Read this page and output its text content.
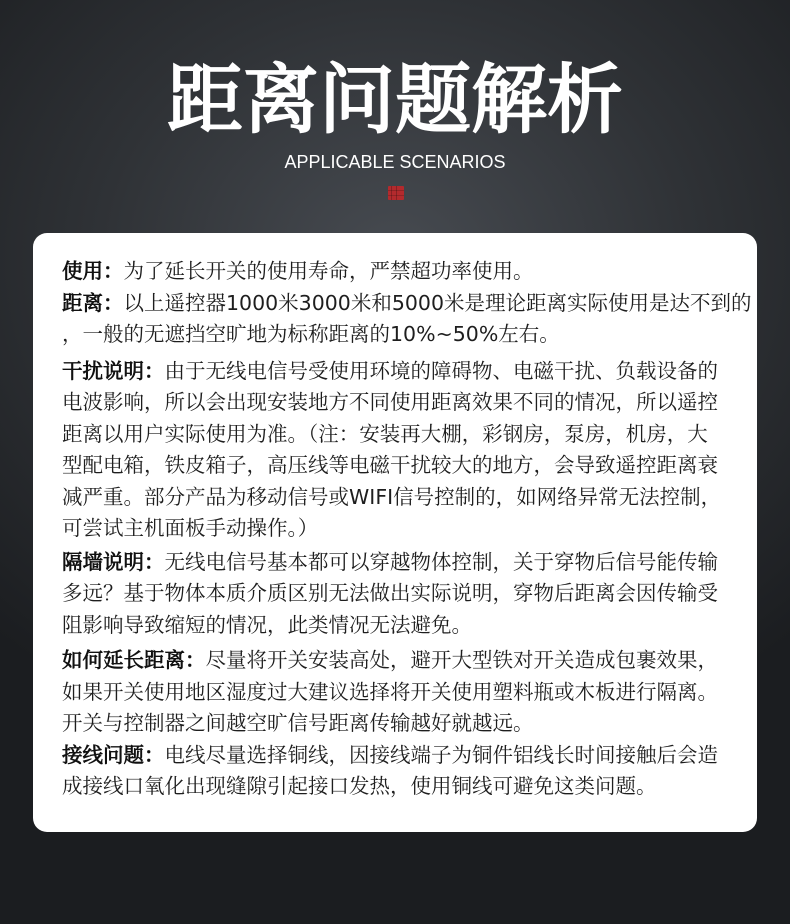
距离问题解析
APPLICABLE SCENARIOS
使用：为了延长开关的使用寿命，严禁超功率使用。
距离：以上遥控器1000米3000米和5000米是理论距离实际使用是达不到的
，一般的无遮挡空旷地为标称距离的10%~50%左右。
干扰说明：由于无线电信号受使用环境的障碍物、电磁干扰、负载设备的
电波影响，所以会出现安装地方不同使用距离效果不同的情况，所以遥控
距离以用户实际使用为准。（注：安装再大棚，彩钢房，泵房，机房，大
型配电箱，铁皮箱子，高压线等电磁干扰较大的地方，会导致遥控距离衰
减严重。部分产品为移动信号或WIFI信号控制的，如网络异常无法控制，
可尝试主机面板手动操作。）
隔墙说明：无线电信号基本都可以穿越物体控制，关于穿物后信号能传输
多远？基于物体本质介质区别无法做出实际说明，穿物后距离会因传输受
阻影响导致缩短的情况，此类情况无法避免。
如何延长距离：尽量将开关安装高处，避开大型铁对开关造成包裹效果，
如果开关使用地区湿度过大建议选择将开关使用塑料瓶或木板进行隔离。
开关与控制器之间越空旷信号距离传输越好就越远。
接线问题：电线尽量选择铜线，因接线端子为铜件铝线长时间接触后会造
成接线口氧化出现缝隙引起接口发热，使用铜线可避免这类问题。
